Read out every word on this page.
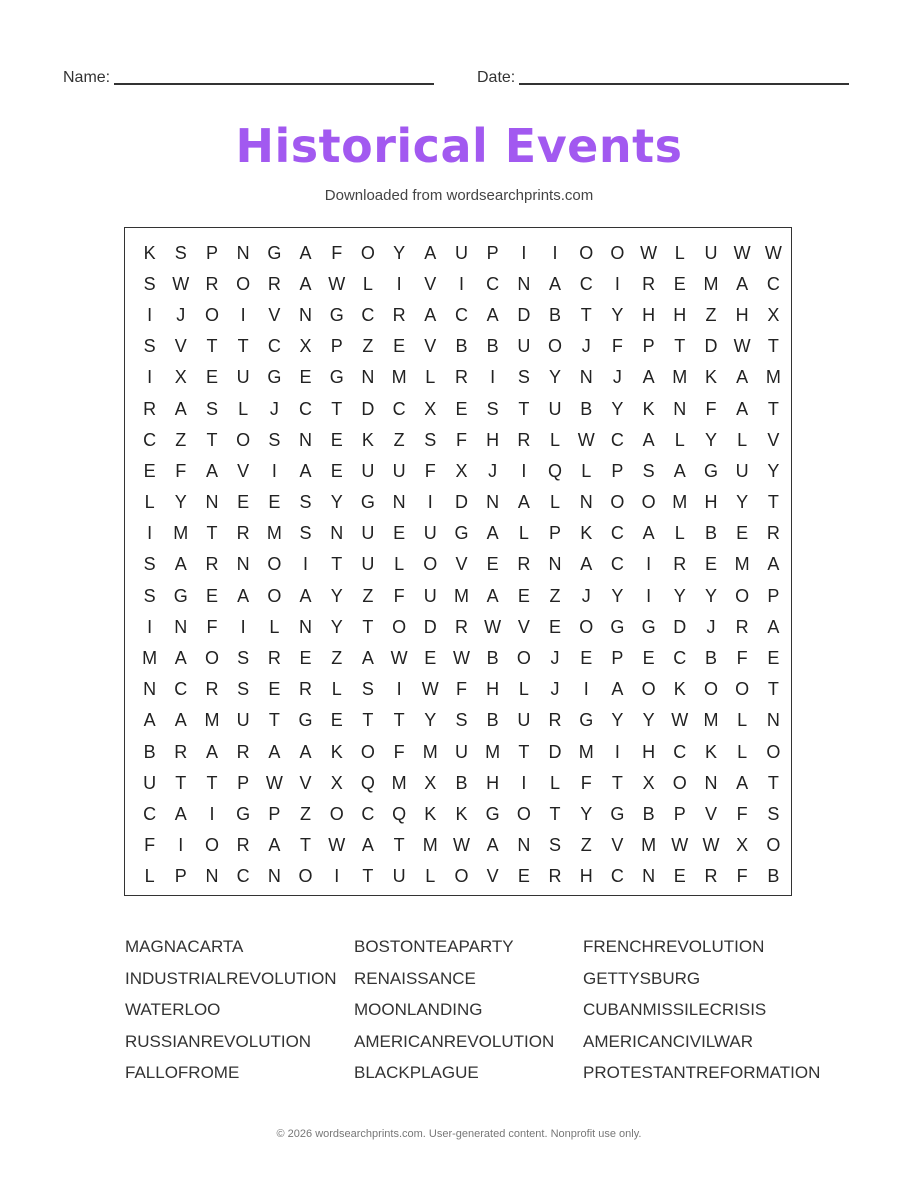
Name:	Date:
Historical Events
Downloaded from wordsearchprints.com
K	S	P	N G	A	F	O	Y	A	U	P	I	I	O O W L	U W W
S W R O R	A W L	I	V	I	C	N	A	C	I	R	E M A	C
I	J	O	I	V	N G C	R	A	C	A	D	B	T	Y	H	H	Z	H	X
S	V	T	T	C	X	P	Z	E	V	B	B	U O	J	F	P	T	D W T
I	X	E	U G	E	G N M	L	R	I	S	Y	N	J	A M K	A M
R	A	S	L	J	C	T	D	C	X	E	S	T	U	B	Y	K	N	F	A	T
C	Z	T	O	S	N	E	K	Z	S	F	H	R	L W C	A	L	Y	L	V
E	F	A	V	I	A	E	U	U	F	X	J	I	Q	L	P	S	A	G U	Y
L	Y	N	E	E	S	Y	G N	I	D	N	A	L	N O O M H	Y	T
I	M	T	R M S	N	U	E	U G	A	L	P	K	C	A	L	B	E	R
S	A	R	N O	I	T	U	L	O	V	E	R	N	A	C	I	R	E M A
S	G	E	A	O	A	Y	Z	F	U M A	E	Z	J	Y	I	Y	Y	O	P
I	N	F	I	L	N	Y	T	O D	R W V	E	O G G D	J	R	A
M A	O	S	R	E	Z	A W E W B	O	J	E	P	E	C	B	F	E
N	C	R	S	E	R	L	S	I	W F	H	L	J	I	A	O	K	O O	T
A	A M U	T	G	E	T	T	Y	S	B	U	R G	Y	Y W M	L	N
B	R	A	R	A	A	K	O	F	M U M	T	D M	I	H	C	K	L	O
U	T	T	P W V	X	Q M X	B	H	I	L	F	T	X	O N	A	T
C	A	I	G	P	Z	O C Q	K	K	G O	T	Y	G	B	P	V	F	S
F	I	O R	A	T W A	T	M W A	N	S	Z	V M W W X	O
L	P	N	C	N O	I	T	U	L	O	V	E	R	H	C	N	E	R	F	B
MAGNACARTA	BOSTONTEAPARTY	FRENCHREVOLUTION
INDUSTRIALREVOLUTION	RENAISSANCE	GETTYSBURG
WATERLOO	MOONLANDING	CUBANMISSILECRISIS
RUSSIANREVOLUTION	AMERICANREVOLUTION	AMERICANCIVILWAR
FALLOFROME	BLACKPLAGUE	PROTESTANTREFORMATION
© 2026 wordsearchprints.com. User-generated content. Nonprofit use only.
